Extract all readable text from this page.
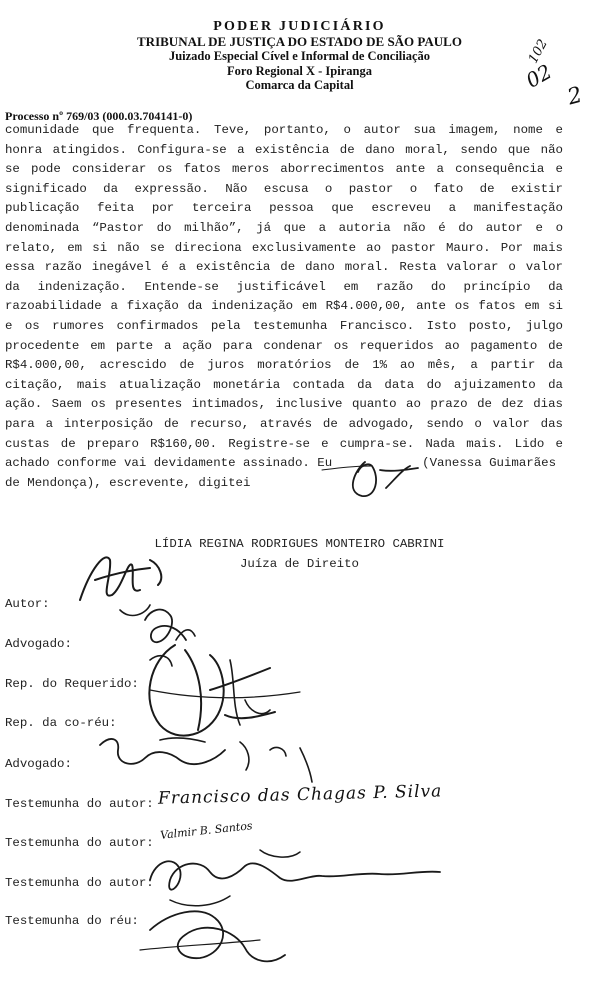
PODER JUDICIÁRIO
TRIBUNAL DE JUSTIÇA DO ESTADO DE SÃO PAULO
Juizado Especial Cível e Informal de Conciliação
Foro Regional X - Ipiranga
Comarca da Capital
102
02
2
Processo nº 769/03 (000.03.704141-0)
comunidade que frequenta. Teve, portanto, o autor sua imagem, nome e
honra atingidos. Configura-se a existência de dano moral, sendo que não
se pode considerar os fatos meros aborrecimentos ante a consequência e
significado da expressão. Não escusa o pastor o fato de existir
publicação feita por terceira pessoa que escreveu a manifestação
denominada “Pastor do milhão”, já que a autoria não é do autor e o
relato, em si não se direciona exclusivamente ao pastor Mauro. Por mais
essa razão inegável é a existência de dano moral. Resta valorar o valor
da indenização. Entende-se justificável em razão do princípio da
razoabilidade a fixação da indenização em R$4.000,00, ante os fatos em si
e os rumores confirmados pela testemunha Francisco. Isto posto, julgo
procedente em parte a ação para condenar os requeridos ao pagamento de
R$4.000,00, acrescido de juros moratórios de 1% ao mês, a partir da
citação, mais atualização monetária contada da data do ajuizamento da
ação. Saem os presentes intimados, inclusive quanto ao prazo de dez dias
para a interposição de recurso, através de advogado, sendo o valor das
custas de preparo R$160,00. Registre-se e cumpra-se. Nada mais. Lido e
achado conforme vai devidamente assinado. Eu	(Vanessa Guimarães
de Mendonça), escrevente, digitei
LÍDIA REGINA RODRIGUES MONTEIRO CABRINI
Juíza de Direito
Autor:
Advogado:
Rep. do Requerido:
Rep. da co-réu:
Advogado:
Testemunha do autor:
Testemunha do autor:
Testemunha do autor:
Testemunha do réu:
Francisco das Chagas P. Silva
Valmir B. Santos
